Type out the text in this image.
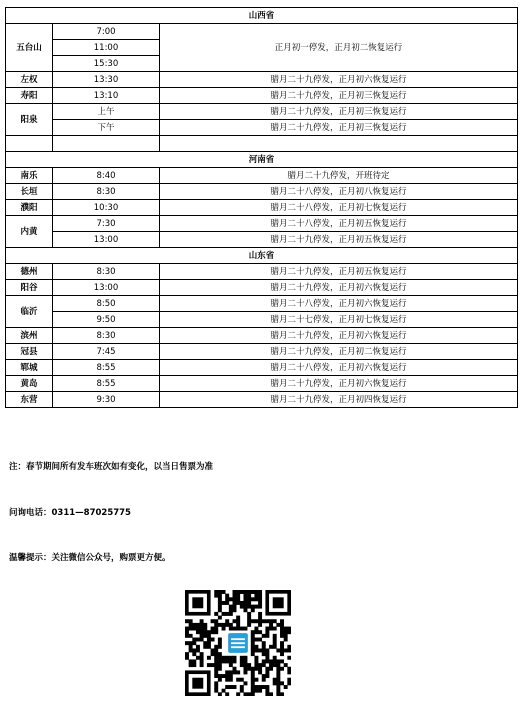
山西省		
五台山	7:00	正月初一停发，正月初二恢复运行
	11:00	
	15:30	
左权	13:30	腊月二十九停发，正月初六恢复运行
寿阳	13:10	腊月二十九停发，正月初三恢复运行
阳泉	上午	腊月二十九停发，正月初三恢复运行
	下午	腊月二十九停发，正月初三恢复运行

河南省		
南乐	8:40	腊月二十九停发，开班待定
长垣	8:30	腊月二十八停发，正月初八恢复运行
濮阳	10:30	腊月二十八停发，正月初七恢复运行
内黄	7:30	腊月二十八停发，正月初五恢复运行
	13:00	腊月二十九停发，正月初五恢复运行
山东省		
德州	8:30	腊月二十九停发，正月初五恢复运行
阳谷	13:00	腊月二十九停发，正月初六恢复运行
临沂	8:50	腊月二十八停发，正月初六恢复运行
	9:50	腊月二十七停发，正月初七恢复运行
滨州	8:30	腊月二十九停发，正月初六恢复运行
冠县	7:45	腊月二十九停发，正月初二恢复运行
郓城	8:55	腊月二十八停发，正月初六恢复运行
黄岛	8:55	腊月二十九停发，正月初六恢复运行
东营	9:30	腊月二十九停发，正月初四恢复运行
注：春节期间所有发车班次如有变化，以当日售票为准
问询电话：0311—87025775
温馨提示：关注微信公众号，购票更方便。
